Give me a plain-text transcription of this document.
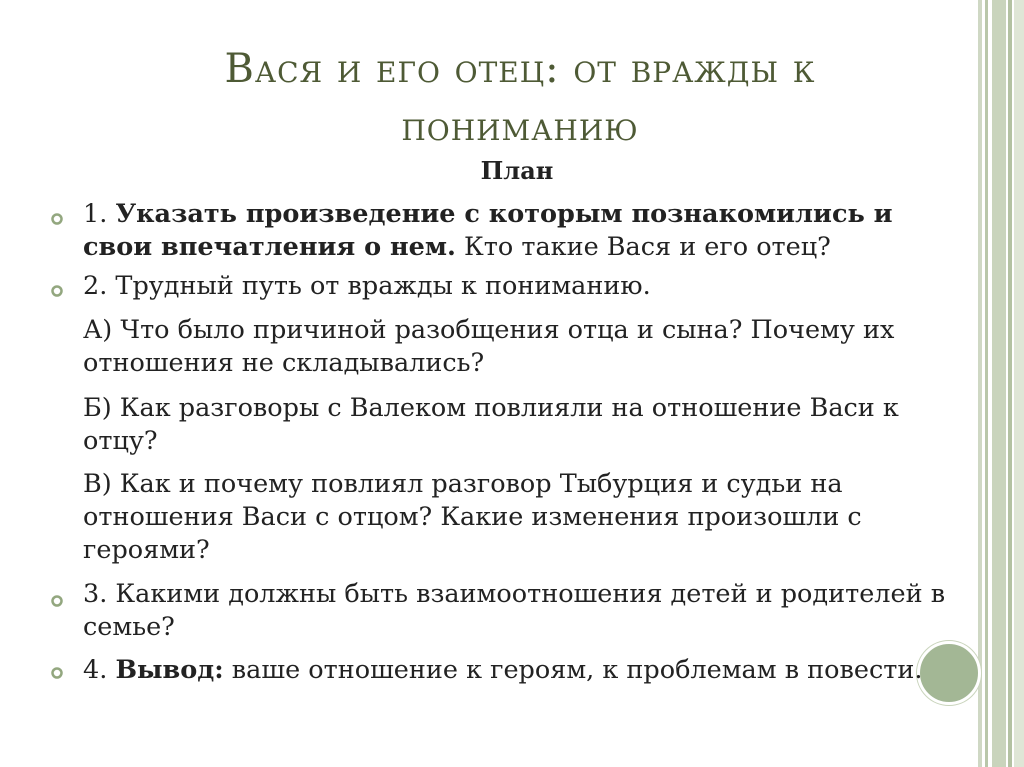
Вася и его отец: от вражды к
пониманию
План
1. Указать произведение с которым познакомились и свои впечатления о нем. Кто такие Вася и его отец?
2. Трудный путь от вражды к пониманию.
А) Что было причиной разобщения отца и сына? Почему их отношения не складывались?
Б) Как разговоры с Валеком повлияли на отношение Васи к отцу?
В) Как и почему повлиял разговор Тыбурция и судьи на отношения Васи с отцом? Какие изменения произошли с героями?
3. Какими должны быть взаимоотношения детей и родителей в семье?
4. Вывод: ваше отношение к героям, к проблемам в повести.
